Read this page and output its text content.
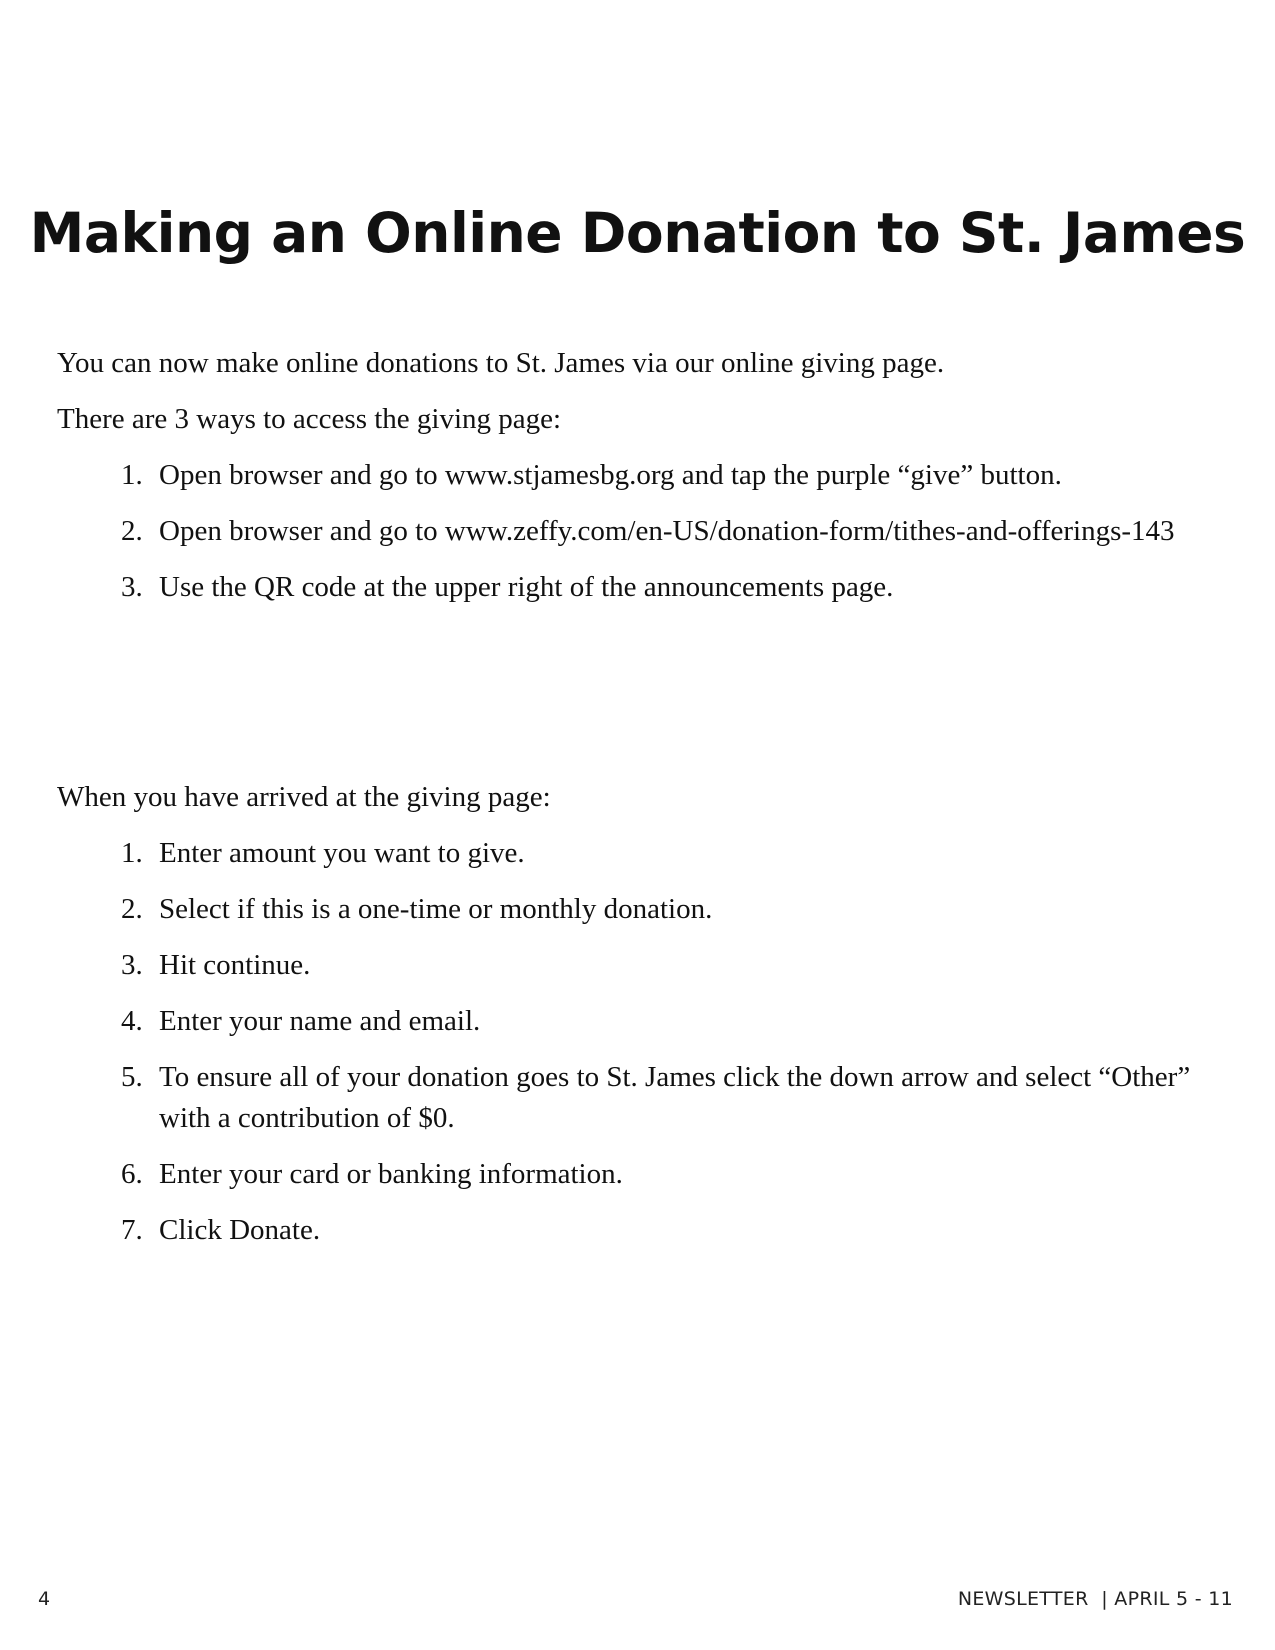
Making an Online Donation to St. James

You can now make online donations to St. James via our online giving page.

There are 3 ways to access the giving page:

1. Open browser and go to www.stjamesbg.org and tap the purple “give” button.
2. Open browser and go to www.zeffy.com/en-US/donation-form/tithes-and-offerings-143
3. Use the QR code at the upper right of the announcements page.

When you have arrived at the giving page:

1. Enter amount you want to give.
2. Select if this is a one-time or monthly donation.
3. Hit continue.
4. Enter your name and email.
5. To ensure all of your donation goes to St. James click the down arrow and select “Other” with a contribution of $0.
6. Enter your card or banking information.
7. Click Donate.
4	NEWSLETTER  | APRIL 5 - 11
